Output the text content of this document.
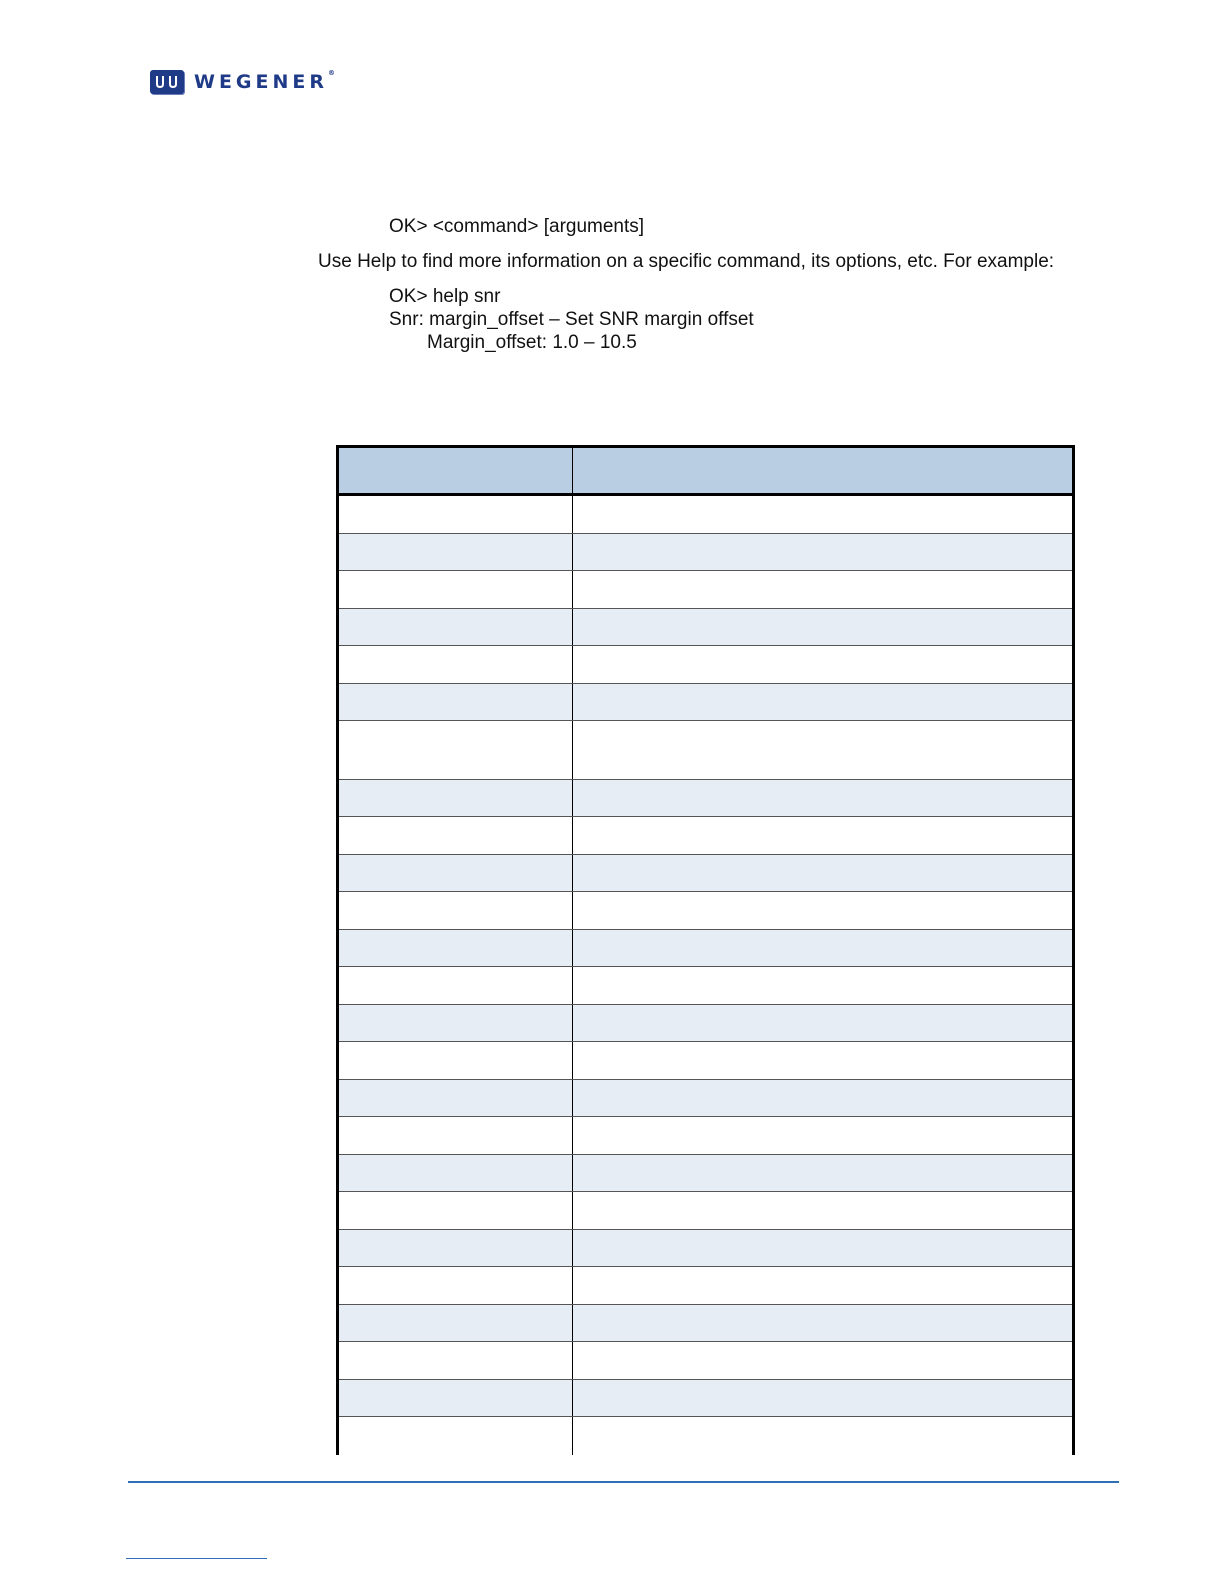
WEGENER®
OK> <command> [arguments]
Use Help to find more information on a specific command, its options, etc. For example:
OK> help snr
Snr: margin_offset – Set SNR margin offset
Margin_offset: 1.0 – 10.5
